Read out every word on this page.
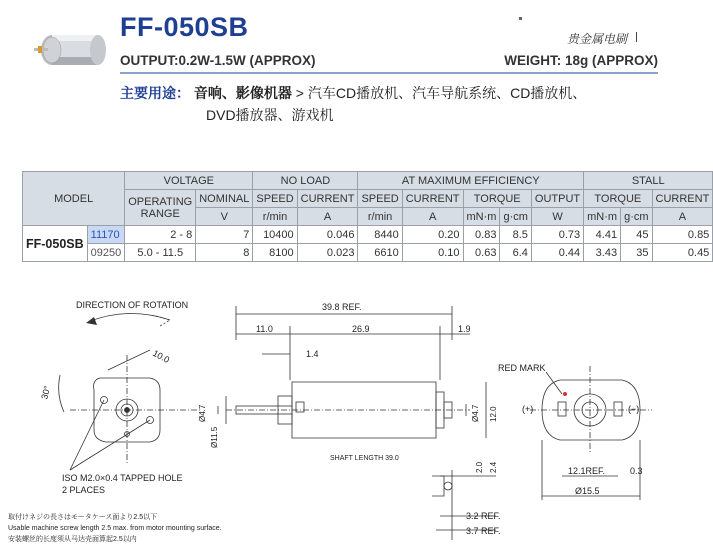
FF-050SB	贵金属电刷
OUTPUT:0.2W-1.5W (APPROX)	WEIGHT: 18g (APPROX)
主要用途： 音响、影像机器 > 汽车CD播放机、汽车导航系统、CD播放机、
DVD播放器、游戏机
MODEL		VOLTAGE		NO LOAD		AT MAXIMUM EFFICIENCY					STALL		
		OPERATING
RANGE	NOMINAL	SPEED	CURRENT	SPEED	CURRENT	TORQUE		OUTPUT	TORQUE		CURRENT
			V	r/min	A	r/min	A	mN·m	g·cm	W	mN·m	g·cm	A
FF-050SB	11170	2 - 8	7	10400	0.046	8440	0.20	0.83	8.5	0.73	4.41	45	0.85
	09250	5.0 - 11.5	8	8100	0.023	6610	0.10	0.63	6.4	0.44	3.43	35	0.45
DIRECTION OF ROTATION
10.0
30°
ISO M2.0×0.4 TAPPED HOLE
2 PLACES
取付けネジの長さはモータケース面より2.5以下
Usable machine screw length 2.5 max. from motor mounting surface.
安装螺丝的长度须从马达壳面算起2.5以内
39.8 REF.
11.0	26.9	1.9
1.4
Ø4.7
Ø11.5
Ø4.7 12.0
SHAFT LENGTH 39.0
2.0 2.4
3.2 REF.
3.7 REF.
RED MARK
(+)	(−)
12.1REF.	0.3
Ø15.5
